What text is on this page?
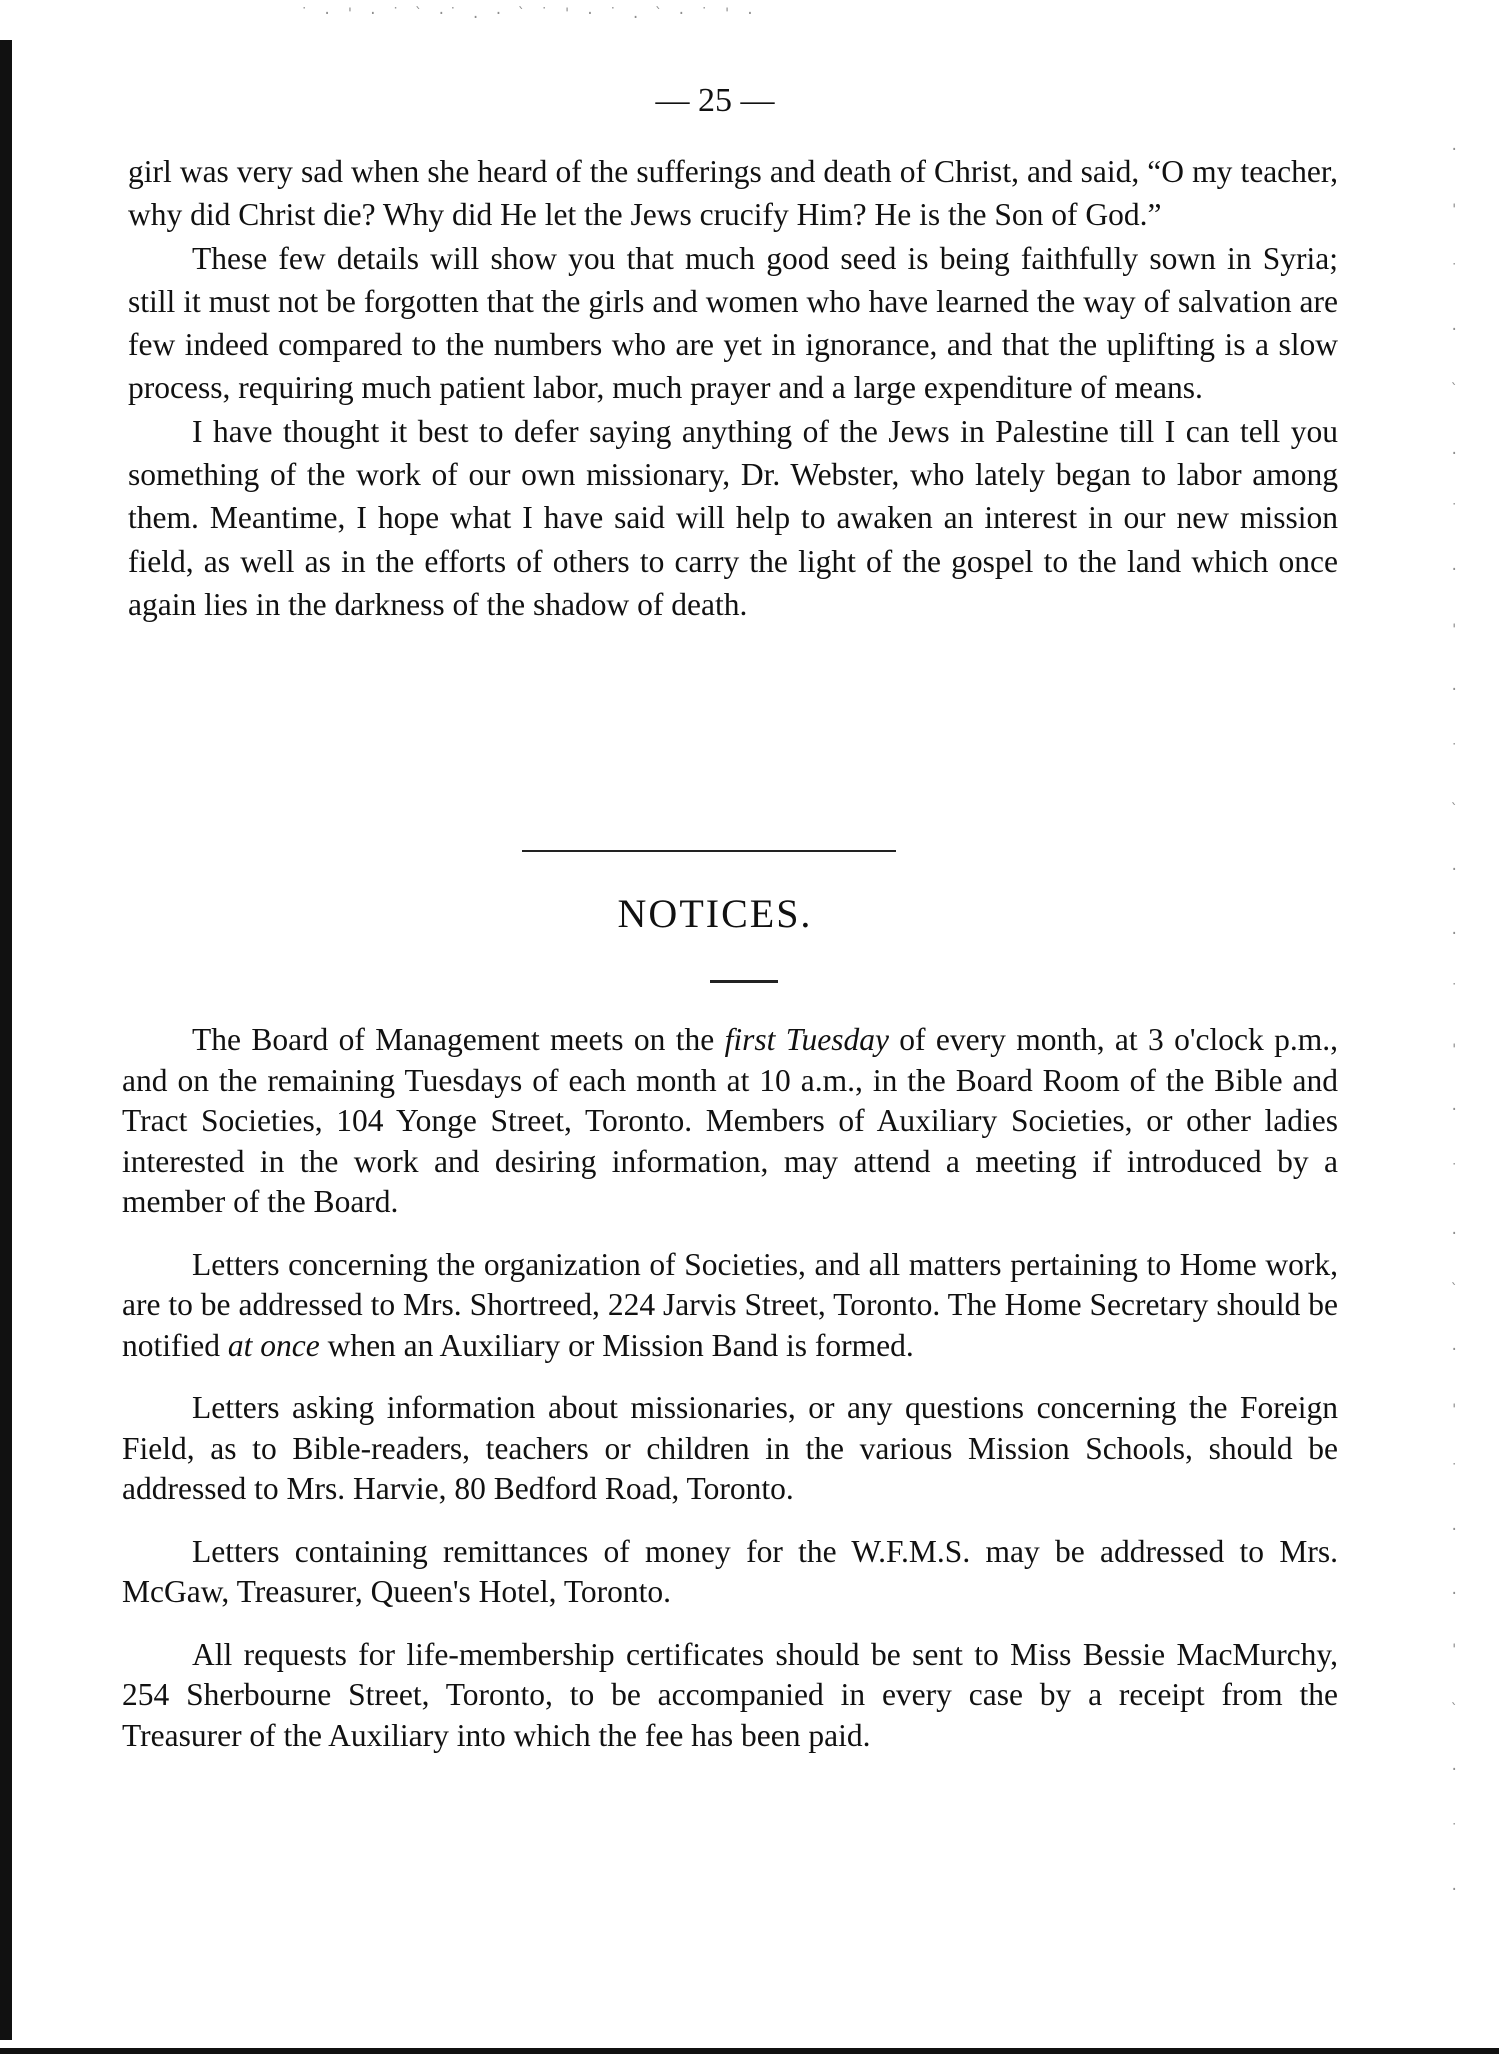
˙ · ' · ˙ ` ·˙ . · ` ˙ ' · ˙ . ` · ˙ ' ·
· ' ˙ · ` . ˙ · ' · ˙ ` · . ˙ ' · ˙ . ` · ' ˙ · . ' ` · ˙ ·
— 25 —

girl was very sad when she heard of the sufferings and death of Christ, and said, “O my teacher, why did Christ die? Why did He let the Jews crucify Him? He is the Son of God.”

These few details will show you that much good seed is being faithfully sown in Syria; still it must not be forgotten that the girls and women who have learned the way of salvation are few indeed compared to the numbers who are yet in ignorance, and that the uplifting is a slow process, requiring much patient labor, much prayer and a large expenditure of means.

I have thought it best to defer saying anything of the Jews in Palestine till I can tell you something of the work of our own missionary, Dr. Webster, who lately began to labor among them. Meantime, I hope what I have said will help to awaken an interest in our new mission field, as well as in the efforts of others to carry the light of the gospel to the land which once again lies in the darkness of the shadow of death.

NOTICES.

The Board of Management meets on the first Tuesday of every month, at 3 o'clock p.m., and on the remaining Tuesdays of each month at 10 a.m., in the Board Room of the Bible and Tract Societies, 104 Yonge Street, Toronto. Members of Auxiliary Societies, or other ladies interested in the work and desiring information, may attend a meeting if introduced by a member of the Board.

Letters concerning the organization of Societies, and all matters pertaining to Home work, are to be addressed to Mrs. Shortreed, 224 Jarvis Street, Toronto. The Home Secretary should be notified at once when an Auxiliary or Mission Band is formed.

Letters asking information about missionaries, or any questions concerning the Foreign Field, as to Bible-readers, teachers or children in the various Mission Schools, should be addressed to Mrs. Harvie, 80 Bedford Road, Toronto.

Letters containing remittances of money for the W.F.M.S. may be addressed to Mrs. McGaw, Treasurer, Queen's Hotel, Toronto.

All requests for life-membership certificates should be sent to Miss Bessie MacMurchy, 254 Sherbourne Street, Toronto, to be accompanied in every case by a receipt from the Treasurer of the Auxiliary into which the fee has been paid.
